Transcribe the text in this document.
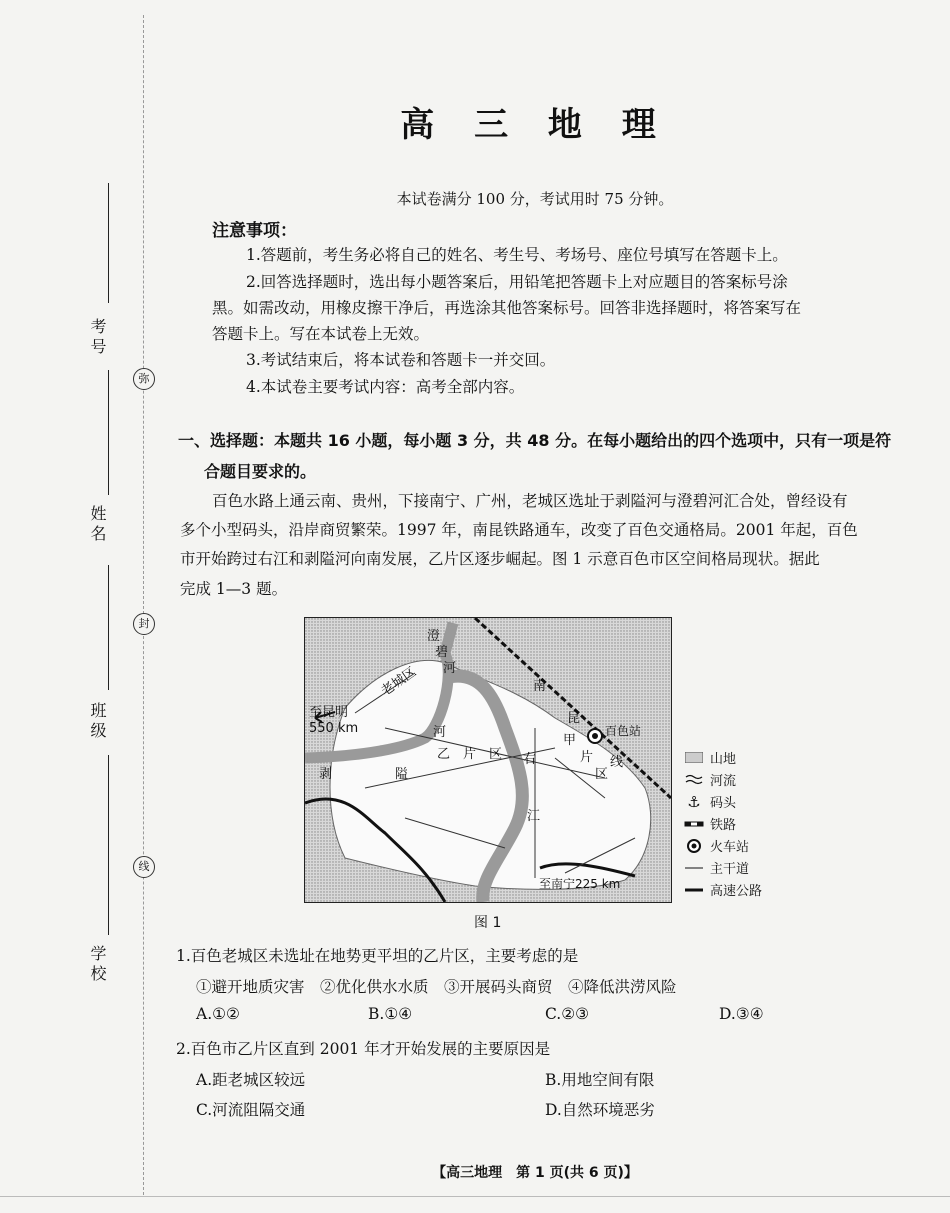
考号
姓名
班级
学校
弥
封
线
高 三 地 理
本试卷满分 100 分，考试用时 75 分钟。
注意事项：
1.答题前，考生务必将自己的姓名、考生号、考场号、座位号填写在答题卡上。
2.回答选择题时，选出每小题答案后，用铅笔把答题卡上对应题目的答案标号涂
黑。如需改动，用橡皮擦干净后，再选涂其他答案标号。回答非选择题时，将答案写在
答题卡上。写在本试卷上无效。
3.考试结束后，将本试卷和答题卡一并交回。
4.本试卷主要考试内容：高考全部内容。
一、选择题：本题共 16 小题，每小题 3 分，共 48 分。在每小题给出的四个选项中，只有一项是符
合题目要求的。
百色水路上通云南、贵州，下接南宁、广州，老城区选址于剥隘河与澄碧河汇合处，曾经设有
多个小型码头，沿岸商贸繁荣。1997 年，南昆铁路通车，改变了百色交通格局。2001 年起，百色
市开始跨过右江和剥隘河向南发展，乙片区逐步崛起。图 1 示意百色市区空间格局现状。据此
完成 1—3 题。
澄
碧
河
老城区
至昆明
550 km	河
剥	隘
乙 片 区 右
江
南
昆
线
甲
片
区
百色站
至南宁225 km
山地
河流
⚓ 码头
铁路
火车站
主干道
高速公路
图 1
1.百色老城区未选址在地势更平坦的乙片区，主要考虑的是
①避开地质灾害　②优化供水水质　③开展码头商贸　④降低洪涝风险
A.①②	B.①④	C.②③	D.③④
2.百色市乙片区直到 2001 年才开始发展的主要原因是
A.距老城区较远	B.用地空间有限
C.河流阻隔交通	D.自然环境恶劣
【高三地理　第 1 页(共 6 页)】
